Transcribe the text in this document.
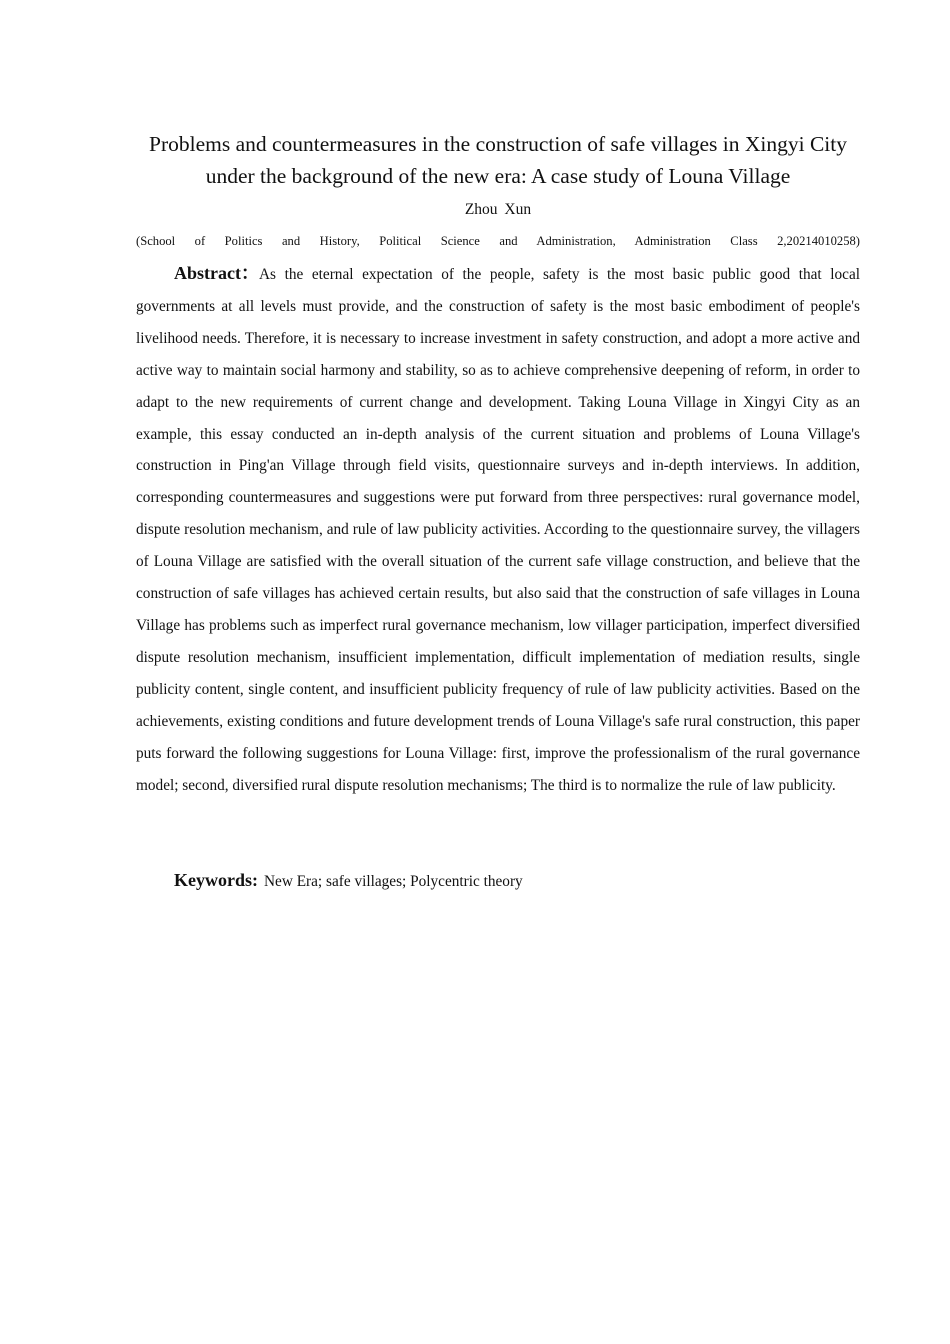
Problems and countermeasures in the construction of safe villages in Xingyi City under the background of the new era: A case study of Louna Village
Zhou Xun
(School of Politics and History, Political Science and Administration, Administration Class 2,20214010258)

Abstract：As the eternal expectation of the people, safety is the most basic public good that local governments at all levels must provide, and the construction of safety is the most basic embodiment of people's livelihood needs. Therefore, it is necessary to increase investment in safety construction, and adopt a more active and active way to maintain social harmony and stability, so as to achieve comprehensive deepening of reform, in order to adapt to the new requirements of current change and development. Taking Louna Village in Xingyi City as an example, this essay conducted an in-depth analysis of the current situation and problems of Louna Village's construction in Ping'an Village through field visits, questionnaire surveys and in-depth interviews. In addition, corresponding countermeasures and suggestions were put forward from three perspectives: rural governance model, dispute resolution mechanism, and rule of law publicity activities. According to the questionnaire survey, the villagers of Louna Village are satisfied with the overall situation of the current safe village construction, and believe that the construction of safe villages has achieved certain results, but also said that the construction of safe villages in Louna Village has problems such as imperfect rural governance mechanism, low villager participation, imperfect diversified dispute resolution mechanism, insufficient implementation, difficult implementation of mediation results, single publicity content, single content, and insufficient publicity frequency of rule of law publicity activities. Based on the achievements, existing conditions and future development trends of Louna Village's safe rural construction, this paper puts forward the following suggestions for Louna Village: first, improve the professionalism of the rural governance model; second, diversified rural dispute resolution mechanisms; The third is to normalize the rule of law publicity.

Keywords: New Era; safe villages; Polycentric theory
